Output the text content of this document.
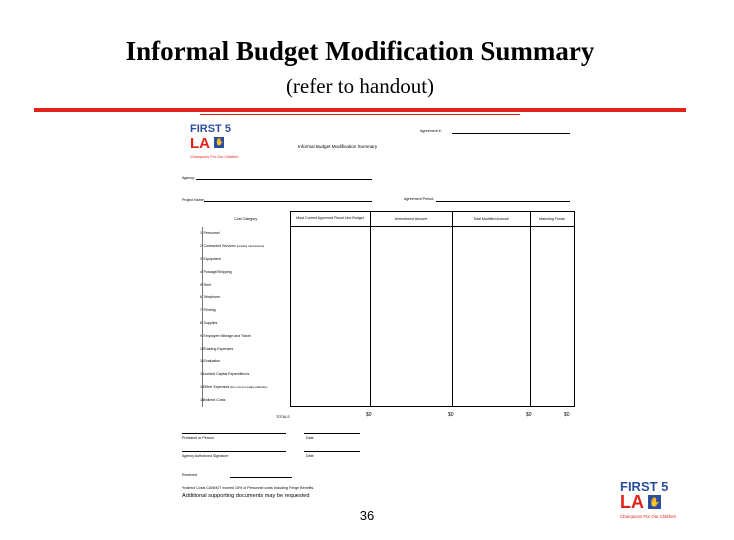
Informal Budget Modification Summary
(refer to handout)
FIRST 5
LA ✋
Champions For Our Children
Agreement #:
Informal Budget Modification Summary
Agency:
Project Name:	Agreement Period:
	Cost Category	Most Current Approved Fiscal Line Budget	Amendment Amount	Total Modified Amount	Matching Funds
1	Personnel				
2	Contracted Services(including subcontractors)				
3	Equipment				
4	Postage/Shipping				
5	Rent				
6	Telephone				
7	Printing				
8	Supplies				
9	Employee Mileage and Travel				
10	Training Expenses				
11	Evaluation				
12	Limited Capital Expenditures				
13	Other Expenses(list in line item budget justification)				
14	Indirect Costs				
TOTALS	$0	$0	$0	$0
President or Person	Date
Agency Authorized Signature	Date
Received
*Indirect Costs CANNOT exceed 15% of Personnel costs including Fringe Benefits.
Additional supporting documents may be requested
FIRST 5
LA ✋
Champions For Our Children
36
